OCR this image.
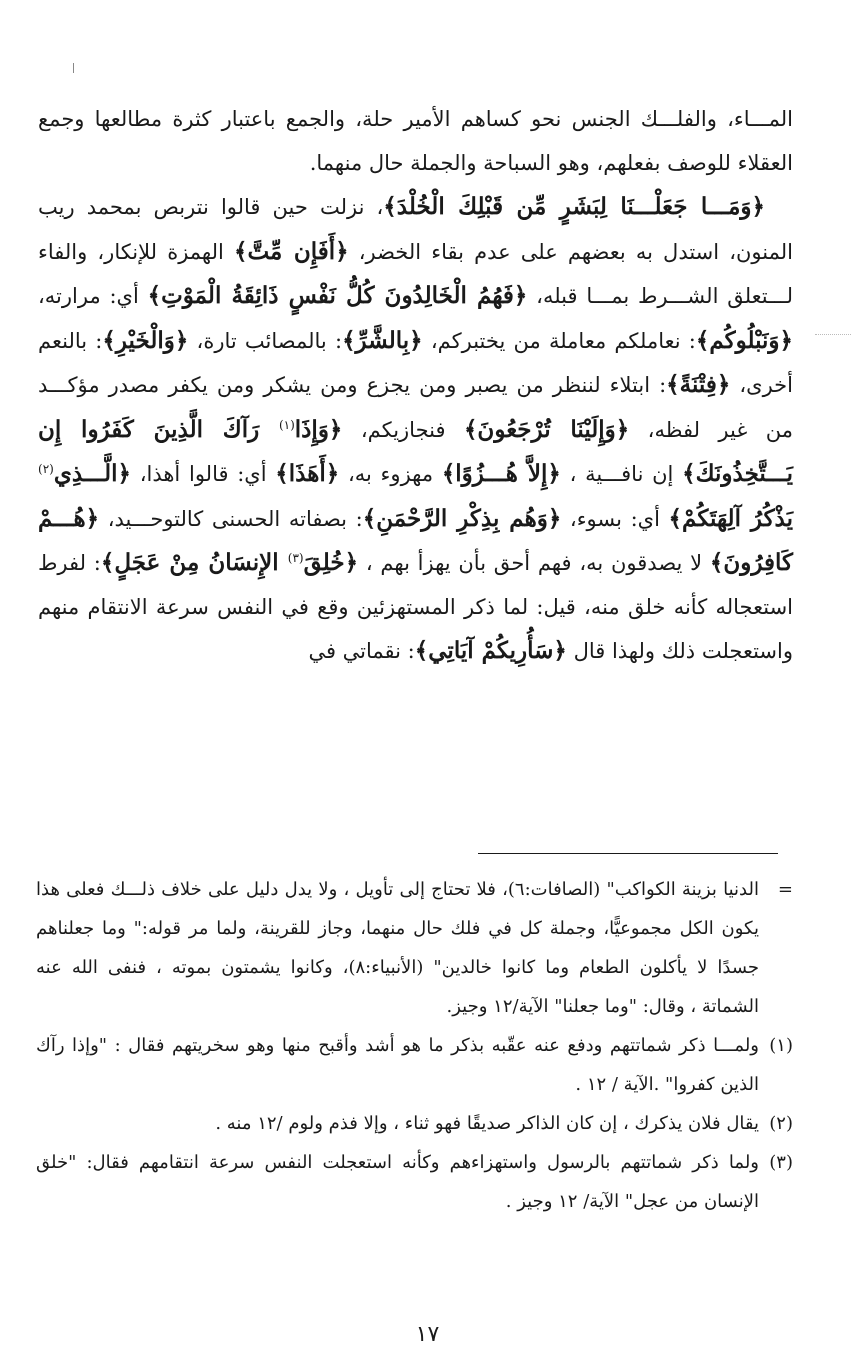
المـــاء، والفلـــك الجنس نحو كساهم الأمير حلة، والجمع باعتبار كثرة مطالعها وجمع العقلاء للوصف بفعلهم، وهو السباحة والجملة حال منهما.

﴿وَمَـــا جَعَلْـــنَا لِبَشَرٍ مِّن قَبْلِكَ الْخُلْدَ﴾، نزلت حين قالوا نتربص بمحمد ريب المنون، استدل به بعضهم على عدم بقاء الخضر، ﴿أَفَإِن مِّتَّ﴾ الهمزة للإنكار، والفاء لـــتعلق الشـــرط بمـــا قبله، ﴿فَهُمُ الْخَالِدُونَ كُلُّ نَفْسٍ ذَائِقَةُ الْمَوْتِ﴾ أي: مرارته، ﴿وَنَبْلُوكُم﴾: نعاملكم معاملة من يختبركم، ﴿بِالشَّرِّ﴾: بالمصائب تارة، ﴿وَالْخَيْرِ﴾: بالنعم أخرى، ﴿فِتْنَةً﴾: ابتلاء لننظر من يصبر ومن يجزع ومن يشكر ومن يكفر مصدر مؤكـــد من غير لفظه، ﴿وَإِلَيْنَا تُرْجَعُونَ﴾ فنجازيكم، ﴿وَإِذَا$^{(١)}$ رَآكَ الَّذِينَ كَفَرُوا إِن يَـــتَّخِذُونَكَ﴾ إن نافـــية ، ﴿إِلاَّ هُـــزُوًا﴾ مهزوء به، ﴿أَهَذَا﴾ أي: قالوا أهذا، ﴿الَّـــذِي$^{(٢)}$ يَذْكُرُ آلِهَتَكُمْ﴾ أي: بسوء، ﴿وَهُم بِذِكْرِ الرَّحْمَنِ﴾: بصفاته الحسنى كالتوحـــيد، ﴿هُـــمْ كَافِرُونَ﴾ لا يصدقون به، فهم أحق بأن يهزأ بهم ، ﴿خُلِقَ$^{(٣)}$ الإِنسَانُ مِنْ عَجَلٍ﴾: لفرط استعجاله كأنه خلق منه، قيل: لما ذكر المستهزئين وقع في النفس سرعة الانتقام منهم واستعجلت ذلك ولهذا قال ﴿سَأُرِيكُمْ آيَاتِي﴾: نقماتي في

=
الدنيا بزينة الكواكب" (الصافات:٦)، فلا تحتاج إلى تأويل ، ولا يدل دليل على خلاف ذلـــك فعلى هذا يكون الكل مجموعيًّا، وجملة كل في فلك حال منهما، وجاز للقرينة، ولما مر قوله:" وما جعلناهم جسدًا لا يأكلون الطعام وما كانوا خالدين" (الأنبياء:٨)، وكانوا يشمتون بموته ، فنفى الله عنه الشماتة ، وقال: "وما جعلنا" الآية/١٢ وجيز.

(١)
ولمـــا ذكر شماتتهم ودفع عنه عقّبه بذكر ما هو أشد وأقبح منها وهو سخريتهم فقال : "وإذا رآك الذين كفروا" .الآية / ١٢ .

(٢)
يقال فلان يذكرك ، إن كان الذاكر صديقًا فهو ثناء ، وإلا فذم ولوم /١٢ منه .

(٣)
ولما ذكر شماتتهم بالرسول واستهزاءهم وكأنه استعجلت النفس سرعة انتقامهم فقال: "خلق الإنسان من عجل" الآية/ ١٢ وجيز .

١٧
